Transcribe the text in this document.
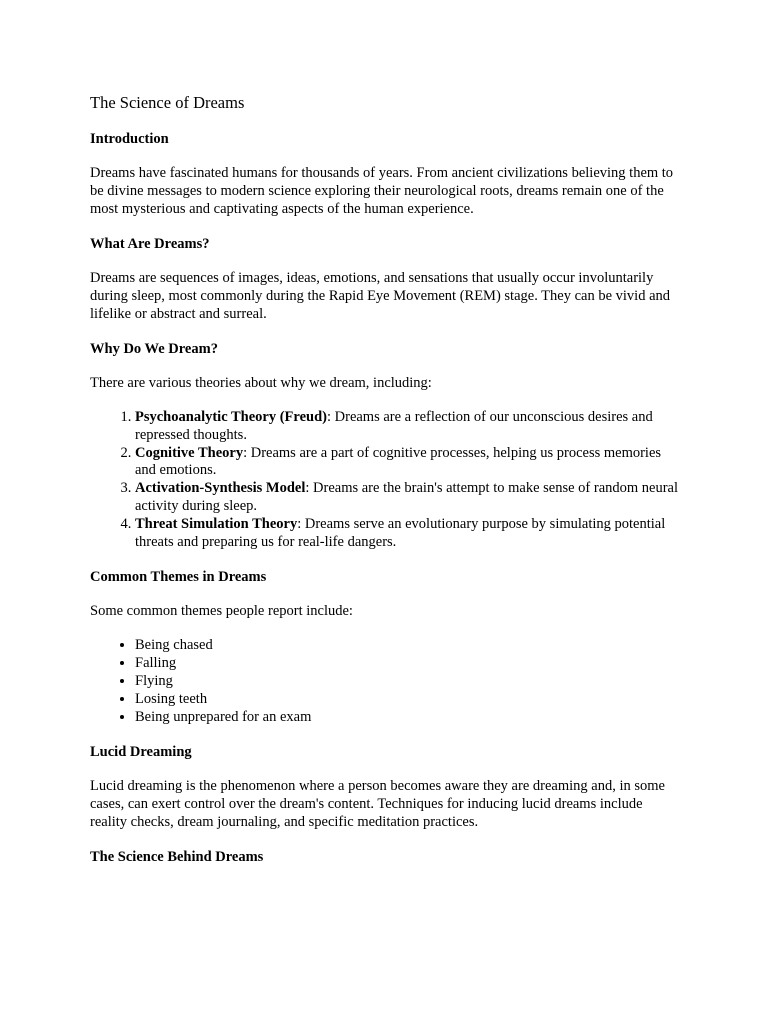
The Science of Dreams
Introduction

Dreams have fascinated humans for thousands of years. From ancient civilizations believing them to be divine messages to modern science exploring their neurological roots, dreams remain one of the most mysterious and captivating aspects of the human experience.

What Are Dreams?

Dreams are sequences of images, ideas, emotions, and sensations that usually occur involuntarily during sleep, most commonly during the Rapid Eye Movement (REM) stage. They can be vivid and lifelike or abstract and surreal.

Why Do We Dream?

There are various theories about why we dream, including:

1. Psychoanalytic Theory (Freud): Dreams are a reflection of our unconscious desires and repressed thoughts.
2. Cognitive Theory: Dreams are a part of cognitive processes, helping us process memories and emotions.
3. Activation-Synthesis Model: Dreams are the brain's attempt to make sense of random neural activity during sleep.
4. Threat Simulation Theory: Dreams serve an evolutionary purpose by simulating potential threats and preparing us for real-life dangers.
Common Themes in Dreams

Some common themes people report include:

• Being chased
• Falling
• Flying
• Losing teeth
• Being unprepared for an exam
Lucid Dreaming

Lucid dreaming is the phenomenon where a person becomes aware they are dreaming and, in some cases, can exert control over the dream's content. Techniques for inducing lucid dreams include reality checks, dream journaling, and specific meditation practices.

The Science Behind Dreams
